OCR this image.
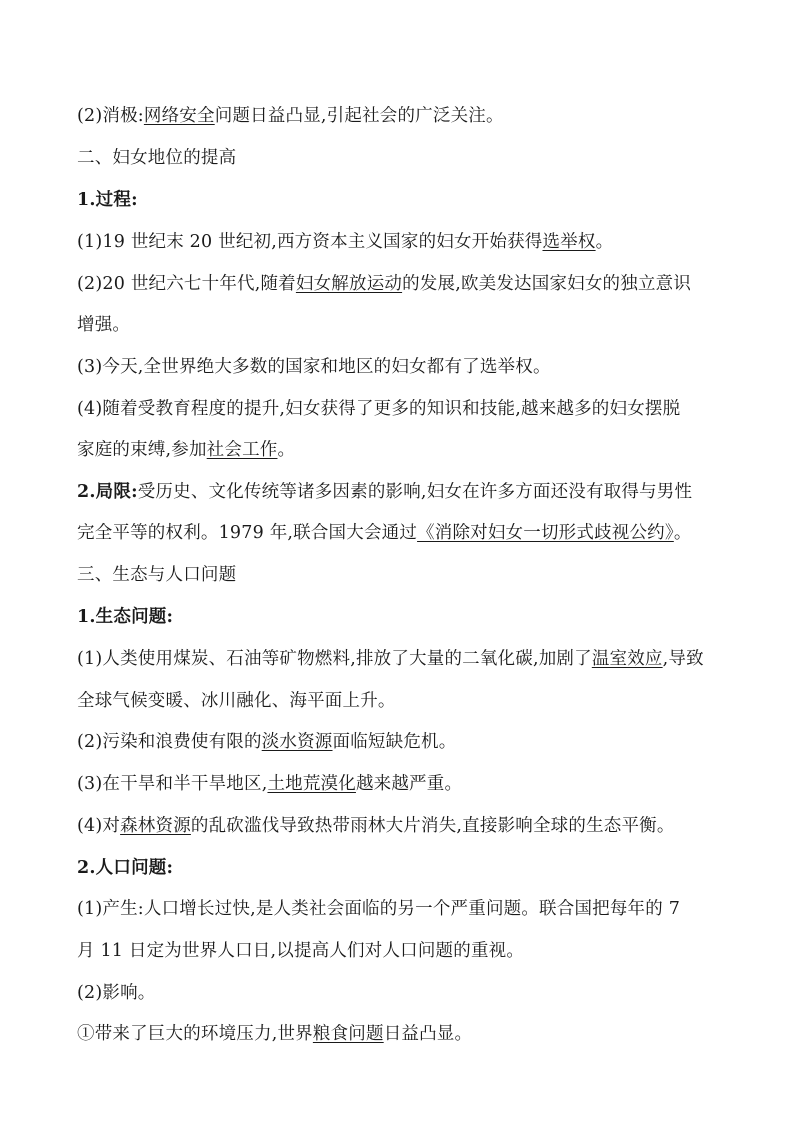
(2)消极:网络安全问题日益凸显,引起社会的广泛关注。
二、妇女地位的提高
1.过程:
(1)19 世纪末 20 世纪初,西方资本主义国家的妇女开始获得选举权。
(2)20 世纪六七十年代,随着妇女解放运动的发展,欧美发达国家妇女的独立意识
增强。
(3)今天,全世界绝大多数的国家和地区的妇女都有了选举权。
(4)随着受教育程度的提升,妇女获得了更多的知识和技能,越来越多的妇女摆脱
家庭的束缚,参加社会工作。
2.局限:受历史、文化传统等诸多因素的影响,妇女在许多方面还没有取得与男性
完全平等的权利。1979 年,联合国大会通过《消除对妇女一切形式歧视公约》。
三、生态与人口问题
1.生态问题:
(1)人类使用煤炭、石油等矿物燃料,排放了大量的二氧化碳,加剧了温室效应,导致
全球气候变暖、冰川融化、海平面上升。
(2)污染和浪费使有限的淡水资源面临短缺危机。
(3)在干旱和半干旱地区,土地荒漠化越来越严重。
(4)对森林资源的乱砍滥伐导致热带雨林大片消失,直接影响全球的生态平衡。
2.人口问题:
(1)产生:人口增长过快,是人类社会面临的另一个严重问题。联合国把每年的 7
月 11 日定为世界人口日,以提高人们对人口问题的重视。
(2)影响。
①带来了巨大的环境压力,世界粮食问题日益凸显。
